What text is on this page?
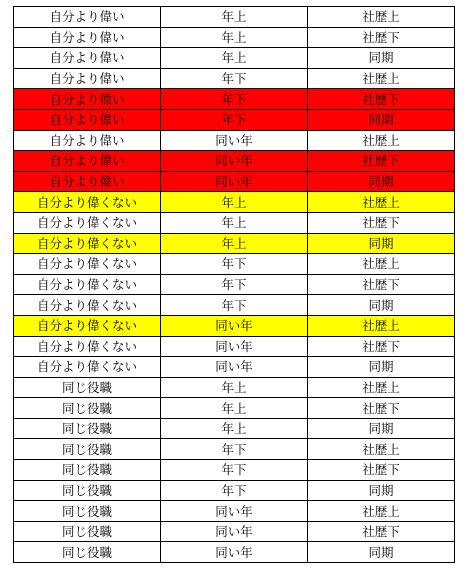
自分より偉い	年上	社歴上
自分より偉い	年上	社歴下
自分より偉い	年上	同期
自分より偉い	年下	社歴上
自分より偉い	年下	社歴下
自分より偉い	年下	同期
自分より偉い	同い年	社歴上
自分より偉い	同い年	社歴下
自分より偉い	同い年	同期
自分より偉くない	年上	社歴上
自分より偉くない	年上	社歴下
自分より偉くない	年上	同期
自分より偉くない	年下	社歴上
自分より偉くない	年下	社歴下
自分より偉くない	年下	同期
自分より偉くない	同い年	社歴上
自分より偉くない	同い年	社歴下
自分より偉くない	同い年	同期
同じ役職	年上	社歴上
同じ役職	年上	社歴下
同じ役職	年上	同期
同じ役職	年下	社歴上
同じ役職	年下	社歴下
同じ役職	年下	同期
同じ役職	同い年	社歴上
同じ役職	同い年	社歴下
同じ役職	同い年	同期
